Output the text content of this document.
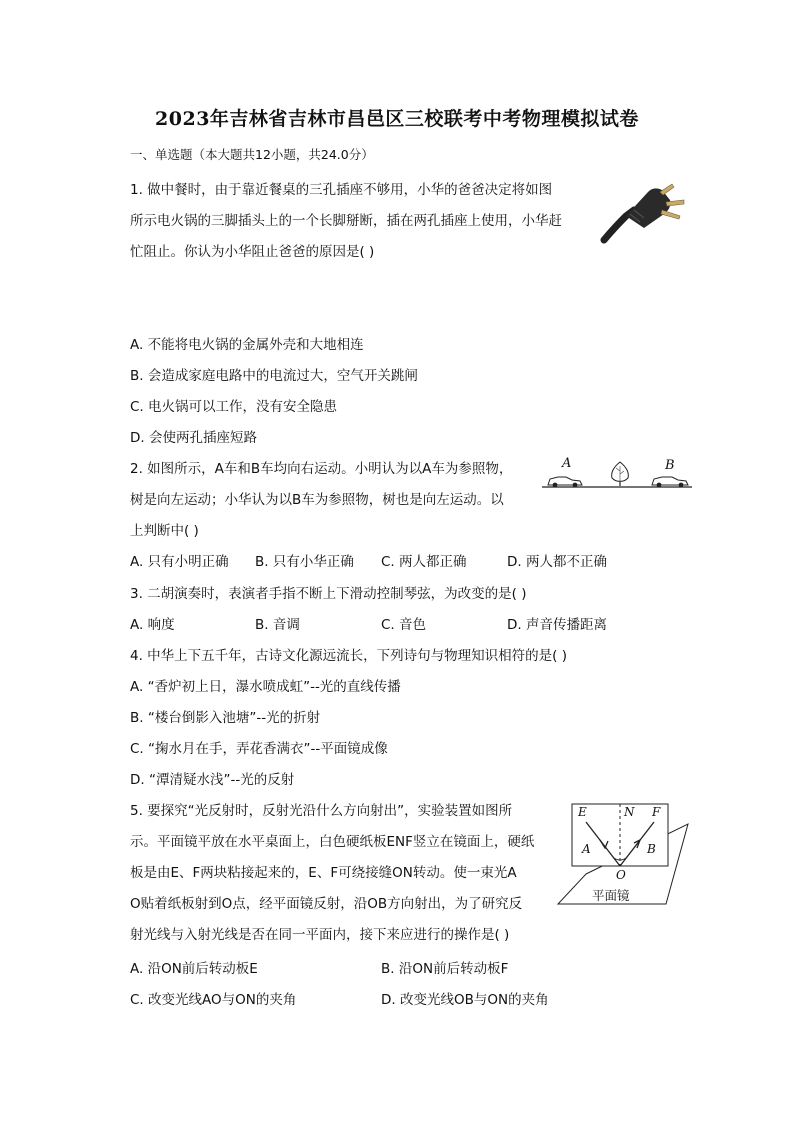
2023年吉林省吉林市昌邑区三校联考中考物理模拟试卷
一、单选题（本大题共12小题，共24.0分）
1. 做中餐时，由于靠近餐桌的三孔插座不够用，小华的爸爸决定将如图
所示电火锅的三脚插头上的一个长脚掰断，插在两孔插座上使用，小华赶
忙阻止。你认为小华阻止爸爸的原因是( )
A. 不能将电火锅的金属外壳和大地相连
B. 会造成家庭电路中的电流过大，空气开关跳闸
C. 电火锅可以工作，没有安全隐患
D. 会使两孔插座短路
2. 如图所示，A车和B车均向右运动。小明认为以A车为参照物，
树是向左运动；小华认为以B车为参照物，树也是向左运动。以
上判断中( )
A	B
A. 只有小明正确 B. 只有小华正确 C. 两人都正确	D. 两人都不正确
3. 二胡演奏时，表演者手指不断上下滑动控制琴弦，为改变的是( )
A. 响度	B. 音调	C. 音色	D. 声音传播距离
4. 中华上下五千年，古诗文化源远流长，下列诗句与物理知识相符的是( )
A. “香炉初上日，瀑水喷成虹”--光的直线传播
B. “楼台倒影入池塘”--光的折射
C. “掬水月在手，弄花香满衣”--平面镜成像
D. “潭清疑水浅”--光的反射
5. 要探究“光反射时，反射光沿什么方向射出”，实验装置如图所
示。平面镜平放在水平桌面上，白色硬纸板ENF竖立在镜面上，硬纸
板是由E、F两块粘接起来的，E、F可绕接缝ON转动。使一束光A
O贴着纸板射到O点，经平面镜反射，沿OB方向射出，为了研究反
射光线与入射光线是否在同一平面内，接下来应进行的操作是( )
E	N F
A	B
O
平面镜
A. 沿ON前后转动板E	B. 沿ON前后转动板F
C. 改变光线AO与ON的夹角	D. 改变光线OB与ON的夹角
